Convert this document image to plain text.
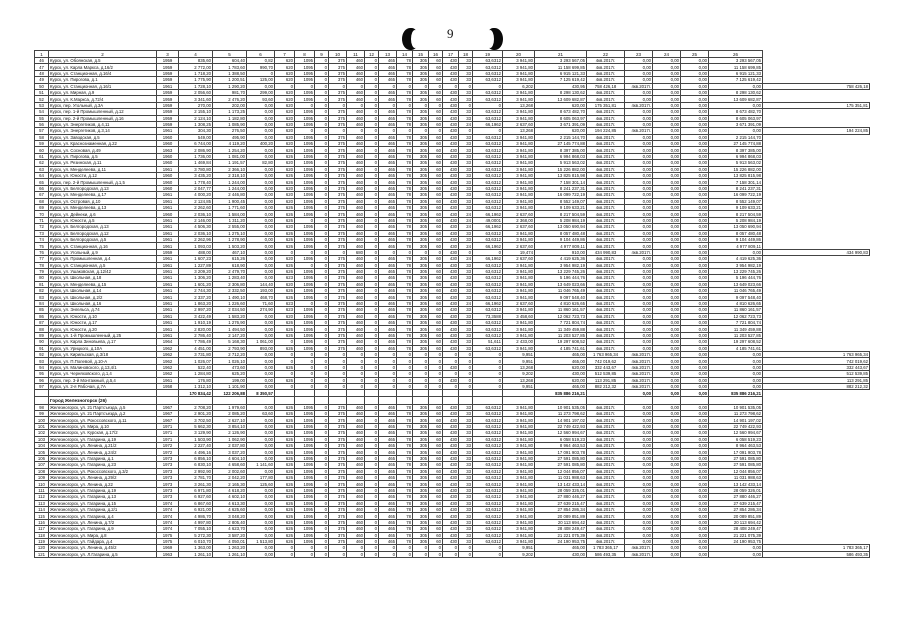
9
1	2	3	4	5	6	7	8	9	10	11	12	13	14	15	16	17	18	19	20	21	22	23	24	25	26	
46	Курск, ул. Обоянская, д.5	1959	835,60	604,40	0,82	620	1095	0	375	460	0	465	78	305	60	430	33	63,6312	3 941,80	3 293 567,05	4кв.2017г.	0,00	0,00	0,00	3 293 567,05	
47	Курск, ул. Карла Маркса, д.16/2	1959	2 772,00	1 783,60	990,70	620	1095	0	375	460	0	465	78	305	60	430	33	63,6312	3 941,80	11 158 699,85	4кв.2017г.	0,00	0,00	0,00	11 158 699,85	
48	Курск, ул. Станционная, д.16/4	1959	1 718,20	1 388,50	0	620	1095	0	375	460	0	465	78	305	60	430	33	63,6312	3 941,80	6 915 121,33	4кв.2017г.	0,00	0,00	0,00	6 915 121,33	
49	Курск, ул. Пирогова, д.1	1959	1 775,90	1 200,51	125,00	620	1095	0	375	460	0	465	78	305	60	430	33	63,6312	3 941,80	7 125 619,42	4кв.2017г.	0,00	0,00	0,00	7 125 619,42	
50	Курск, ул. Станционная, д.16/1	1961	1 728,10	1 290,20	0,00	0	0	0	0	0	0	0	0	0	0	0	0	0	6,202	430,95	758 426,18	4кв.2017г.	0,00	0,00	0,00	758 426,18
51	Курск, ул. Мирная, д.9	1959	2 056,60	981,70	299,00	620	1095	0	375	460	0	465	78	305	60	430	33	63,6312	3 941,80	8 298 130,62	4кв.2017г.	0,00	0,00	0,00	8 298 130,62	
52	Курск, ул. К.Маркса, д.72/4	1959	3 341,60	2 476,20	93,60	620	1095	0	375	460	0	465	78	305	60	430	33	63,6312	3 941,80	13 609 682,87	4кв.2017г.	0,00	0,00	0,00	13 609 682,87	
53	Курск, пер. Угольный, д.3А	1959	270,00	202,00	0,00	620	0	0	0	0	0	0	0	0	0	430	0	0	13,268	620,00	175 351,81	4кв.2017г.	0,00	0,00	0,00	175 351,81
54	Курск, пер. 1-й Промышленный, д.12	1959	2 155,10	1 173,25	0,00	620	1095	0	375	460	0	465	78	305	60	430	33	63,6312	3 941,80	8 673 482,70	4кв.2017г.	0,00	0,00	0,00	8 673 482,70	
55	Курск, пер. 2-й Промышленный, д.16	1959	2 124,10	1 182,80	0,00	620	1095	0	375	460	0	465	78	305	60	430	33	63,6312	3 941,80	8 605 063,97	4кв.2017г.	0,00	0,00	0,00	8 605 063,97	
56	Курск, ул. Энергетиков, д.4,11	1959	1 308,25	1 085,90	0,00	620	1095	0	375	460	0	465	78	305	60	430	24	66,1962	2 637,60	3 671 391,09	4кв.2017г.	0,00	0,00	0,00	3 671 391,09	
57	Курск, ул. Энергетиков, д.3,14	1961	304,30	276,50	0,00	620	0	0	0	0	0	0	0	0	0	430	0	0	13,268	620,00	194 224,85	4кв.2017г.	0,00	0,00	0,00	194 224,85
58	Курск, ул. Заводская, д.5	1960	549,00	495,90	0,00	620	1095	0	375	460	0	465	78	305	60	430	33	63,6312	3 941,80	2 215 144,70	4кв.2017г.	0,00	0,00	0,00	2 215 144,70	
59	Курск, ул. Краснознаменная, д.22	1960	6 744,00	4 119,20	400,20	620	1095	0	375	460	0	465	78	305	60	430	33	63,6312	3 941,80	27 145 774,88	4кв.2017г.	0,00	0,00	0,00	27 145 774,88	
60	Курск, ул. Сосновая, д.49	1963	2 086,90	1 254,20	0,00	626	1095	0	375	460	0	465	78	305	60	430	33	63,6312	3 941,80	8 397 385,00	4кв.2017г.	0,00	0,00	0,00	8 397 385,00	
61	Курск, ул. Пирогова, д.5	1960	1 736,00	1 081,00	0,00	626	1095	0	375	460	0	465	78	305	60	430	33	63,6312	3 941,80	6 994 868,03	4кв.2017г.	0,00	0,00	0,00	6 994 868,03	
62	Курск, ул. Резинская, д.11	1960	1 469,84	1 191,57	82,80	620	1095	0	375	460	0	465	78	305	60	430	33	63,6312	3 941,80	5 913 563,02	4кв.2017г.	0,00	0,00	0,00	5 913 563,02	
63	Курск, ул. Менделеева, д.11	1961	3 780,80	2 366,10	0,00	620	1095	0	375	460	0	465	78	305	60	430	33	63,6312	3 941,80	15 226 882,00	4кв.2017г.	0,00	0,00	0,00	15 226 882,00	
64	Курск, ул. Юности, д.12	1960	3 435,20	2 318,10	0,00	626	1095	0	375	460	0	465	78	305	60	430	33	63,6312	3 941,80	13 825 815,98	4кв.2017г.	0,00	0,00	0,00	13 825 815,98	
65	Курск, пер. 2-й Промышленный, д.1,5	1960	1 778,40	1 244,00	0,00	626	1095	0	375	460	0	465	78	305	60	430	33	63,6312	3 941,80	7 158 301,14	4кв.2017г.	0,00	0,00	0,00	7 158 301,14	
66	Курск, ул. Белгородская, д.13	1960	2 047,77	1 244,00	0,00	620	1095	0	375	460	0	465	78	305	60	430	33	63,6312	3 941,80	8 241 237,31	4кв.2017г.	0,00	0,00	0,00	8 241 237,31	
67	Курск, ул. Менделеева, д.17	1961	4 000,20	2 446,80	0,00	620	1095	0	375	460	0	465	78	305	60	430	33	63,6312	3 941,80	16 099 722,19	4кв.2017г.	0,00	0,00	0,00	16 099 722,19	
68	Курск, ул. Островая, д.10	1961	2 124,85	1 900,45	0,00	620	1095	0	375	460	0	465	78	305	60	430	33	63,6312	3 941,80	8 552 149,07	4кв.2017г.	0,00	0,00	0,00	8 552 149,07	
69	Курск, ул. Менделеева, д.13	1961	2 262,60	1 771,60	0,00	626	1095	0	375	460	0	465	78	305	60	430	33	63,6312	3 941,80	9 109 633,21	4кв.2017г.	0,00	0,00	0,00	9 109 633,21	
70	Курск, ул. Дейнеки, д.6	1960	2 036,10	1 584,00	0,00	626	1095	0	375	460	0	465	78	305	60	430	24	66,1962	2 637,60	8 217 504,59	4кв.2017г.	0,00	0,00	0,00	8 217 504,59	
71	Курск, ул. Юности, д.5	1961	2 146,00	1 311,20	0,00	626	0	0	375	460	0	465	78	305	60	430	24	49,0001	2 368,00	5 208 984,19	4кв.2017г.	0,00	0,00	0,00	5 208 984,19	
72	Курск, ул. Белгородская, д.13	1961	4 506,30	2 555,00	0,00	620	1095	0	375	460	0	465	78	305	60	430	24	66,1962	2 637,60	13 050 690,94	4кв.2017г.	0,00	0,00	0,00	13 050 690,94	
73	Курск, ул. Белгородская, д.12	1961	2 036,10	1 275,10	0,00	626	1095	0	375	460	0	465	78	305	60	430	33	63,6312	3 941,80	8 057 480,48	4кв.2017г.	0,00	0,00	0,00	8 057 480,48	
74	Курск, ул. Белгородская, д.5	1961	2 262,96	1 278,90	0,00	626	1095	0	375	460	0	465	78	305	60	430	33	63,6312	3 941,80	9 104 449,86	4кв.2017г.	0,00	0,00	0,00	9 104 449,86	
75	Курск, ул. Станционная, д.16	1961	1 093,03	1 503,20	0,00	626	1095	0	375	460	0	465	78	305	60	430	24	66,1962	2 637,60	4 977 809,11	4кв.2017г.	0,00	0,00	0,00	4 977 809,11	
76	Курск, ул. Угольный, д.9	1959	488,00	467,10	0,00	0	0	0	0	680	0	0	0	0	0	430	0	0	19,474	910,00	434 990,83	4кв.2017г.	0,00	0,00	0,00	434 990,83
77	Курск, ул. Промышленная, д.4	1961	1 607,23	615,26	0,00	620	1095	0	375	460	0	465	78	305	60	430	24	66,1962	2 637,60	4 419 625,36	4кв.2017г.	0,00	0,00	0,00	4 419 625,36	
78	Курск, ул. Станционная, д.5	1961	1 227,89	618,90	0,00	626	0	0	375	460	0	465	78	305	60	430	33	63,6312	3 941,80	3 954 982,19	4кв.2017г.	0,00	0,00	0,00	3 954 982,19	
79	Курск, ул. Ушаковская, д.12/42	1961	3 209,20	2 479,70	0,00	626	1095	0	375	460	0	465	78	305	60	430	33	63,6312	3 941,80	13 229 745,26	4кв.2017г.	0,00	0,00	0,00	13 229 745,26	
80	Курск, ул. Школьная, д.18	1961	1 306,20	1 283,40	0,00	623	1095	0	375	460	0	465	78	305	60	430	33	63,6312	3 941,80	5 196 444,76	4кв.2017г.	0,00	0,00	0,00	5 196 444,76	
81	Курск, ул. Менделеева, д.15	1961	1 601,20	2 306,80	144,40	620	1095	0	375	460	0	465	78	305	60	430	33	63,6312	3 941,80	13 649 023,66	4кв.2017г.	0,00	0,00	0,00	13 649 023,66	
82	Курск, ул. Школьная, д.14	1961	2 744,30	2 332,50	193,00	626	1095	0	375	460	0	465	78	305	60	430	33	63,6312	3 941,80	11 046 765,49	4кв.2017г.	0,00	0,00	0,00	11 046 765,49	
83	Курск, ул. Школьная, д.2/2	1961	2 337,20	1 490,10	468,70	626	1095	0	375	460	0	465	78	305	60	430	33	63,6312	3 941,80	9 097 548,40	4кв.2017г.	0,00	0,00	0,00	9 097 548,40	
84	Курск, ул. Школьная, д.16	1961	1 863,20	1 226,60	71,60	623	0	0	375	460	0	465	78	305	60	430	24	66,1962	2 637,60	4 810 626,65	4кв.2017г.	0,00	0,00	0,00	4 810 626,65	
85	Курск, ул. Энгельса, д.74	1961	2 997,20	2 034,50	274,90	623	1095	0	375	460	0	465	78	305	60	430	33	63,6312	3 941,80	11 860 161,57	4кв.2017г.	0,00	0,00	0,00	11 860 161,57	
86	Курск, ул. Юности, д.10	1961	3 422,49	1 583,20	0,00	620	1095	0	375	460	0	465	78	305	60	430	33	73,3588	3 458,60	12 062 723,73	4кв.2017г.	0,00	0,00	0,00	12 062 723,73	
87	Курск, ул. Юности, д.17	1961	1 910,19	1 276,90	0,00	626	1095	0	375	460	0	465	78	305	60	430	33	63,6312	3 941,80	7 721 804,74	4кв.2017г.	0,00	0,00	0,00	7 721 804,74	
88	Курск, ул. Юности, д.20	1961	2 820,00	1 494,50	0,00	626	1095	0	375	460	0	465	78	305	60	430	33	63,6312	3 941,80	11 349 459,88	4кв.2017г.	0,00	0,00	0,00	11 349 459,88	
89	Курск, ул. 1-й Промышленный, д.25	1961	2 786,40	2 147,20	0,00	626	1095	0	375	460	0	465	78	305	60	430	33	63,6312	3 941,80	11 203 527,85	4кв.2017г.	0,00	0,00	0,00	11 203 527,85	
90	Курск, ул. Карла Зиновьева, д.17	1964	7 786,49	5 168,30	1 061,00	0	1095	0	375	460	0	465	78	305	60	430	33	51,611	2 433,00	19 297 608,52	4кв.2017г.	0,00	0,00	0,00	19 297 608,52	
91	Курск, ул. Урицкого, д.10А	1962	4 451,00	2 793,90	893,00	626	1095	0	375	460	0	465	78	305	60	430	33	63,6312	3 941,80	4 185 741,61	4кв.2017г.	0,00	0,00	0,00	4 185 741,61	
92	Курск, ул. Кирильская, д.3/18	1962	3 731,80	2 712,20	0,00	0	0	0	0	0	0	0	0	0	0	0	0	0	9,951	465,00	1 763 965,34	4кв.2017г.	0,00	0,00	0,00	1 763 965,34
93	Курск, ул. П.Полевой, д.10-А	1962	1 026,07	1 026,10	0,00	0	0	0	0	0	0	0	0	0	0	0	0	0	9,951	465,00	742 019,62	4кв.2017г.	0,00	0,00	0,00	742 019,62
94	Курск, ул. Малиновского, д.13,4/1	1962	522,40	473,60	0,00	626	0	0	0	0	0	0	0	0	0	430	0	0	13,268	620,00	332 443,67	4кв.2017г.	0,00	0,00	0,00	332 443,67
95	Курск, ул. Черняховского, д.1,4	1962	1 284,80	625,20	0,00	0	0	0	0	0	0	0	0	0	0	0	0	0	9,202	430,00	512 539,85	4кв.2017г.	0,00	0,00	0,00	512 539,85
96	Курск, пер. 3-й Монтажный, д.5,4	1961	176,80	199,00	0,00	626	0	0	0	0	0	0	0	0	0	430	0	0	13,268	620,00	113 291,85	4кв.2017г.	0,00	0,00	0,00	113 291,85
97	Курск, ул. 2-я Рабочая, д.7А	1958	1 312,10	1 101,90	0,00	0	0	0	0	0	0	0	0	0	0	0	0	0	9,951	465,00	882 212,32	4кв.2017г.	0,00	0,00	0,00	882 212,32
			170 834,42	122 206,88	8 350,57															835 886 216,21		0,00	0,00	0,00	835 886 216,21	
	Город Железногорск (26)																									
98	Железногорск, ул. 21 Партсъезда, д.5	1967	2 708,20	1 979,60	0,00	626	1095	0	375	460	0	465	78	305	60	430	33	63,6312	3 941,80	10 901 535,05	4кв.2017г.	0,00	0,00	0,00	10 901 535,05	
99	Железногорск, ул. 21 Партсъезда, д.2	1967	2 901,20	2 085,20	63,60	626	1095	0	375	460	0	465	78	305	60	430	33	63,6312	3 941,80	11 273 798,62	4кв.2017г.	0,00	0,00	0,00	11 273 798,62	
100	Железногорск, ул. Рокоссовского, д.11	1967	3 702,50	2 627,10	0,00	626	1095	0	375	460	0	465	78	305	60	430	33	63,6312	3 941,80	14 901 197,02	4кв.2017г.	0,00	0,00	0,00	14 901 197,02	
101	Железногорск, ул. Мира, д.10	1971	5 662,30	3 854,10	0,00	626	1095	0	375	460	0	465	78	305	60	430	33	63,6312	3 941,80	22 749 422,93	4кв.2017г.	0,00	0,00	0,00	22 749 422,93	
102	Железногорск, ул. Курская, д.17/2	1971	3 129,90	2 126,90	0,00	626	1095	0	375	460	0	465	78	305	60	430	33	63,6312	3 941,80	12 560 994,67	4кв.2017г.	0,00	0,00	0,00	12 560 994,67	
103	Железногорск, ул. Гагарина, д.19	1971	1 503,90	1 062,90	0,00	626	1095	0	375	460	0	465	78	305	60	430	33	63,6312	3 941,80	6 058 519,23	4кв.2017г.	0,00	0,00	0,00	6 058 519,23	
104	Железногорск, ул. Ленина, д.21/2	1972	2 227,40	2 037,80	0,00	626	1095	0	375	460	0	465	78	305	60	430	33	63,6312	3 941,80	8 964 463,53	4кв.2017г.	0,00	0,00	0,00	8 964 463,53	
105	Железногорск, ул. Ленина, д.24/2	1972	4 496,16	3 037,20	0,00	626	1095	0	375	460	0	465	78	305	60	430	33	63,6312	3 941,80	17 091 903,78	4кв.2017г.	0,00	0,00	0,00	17 091 903,78	
106	Железногорск, ул. Гагарина, д.1	1973	6 856,10	4 604,10	0,00	626	1095	0	375	460	0	465	78	305	60	430	33	63,6312	3 941,80	27 591 085,80	4кв.2017г.	0,00	0,00	0,00	27 591 085,80	
107	Железногорск, ул. Гагарина, д.23	1973	6 830,10	4 658,60	1 141,60	626	1095	0	375	460	0	465	78	305	60	430	33	63,6312	3 941,80	27 591 085,80	4кв.2017г.	0,00	0,00	0,00	27 591 085,80	
108	Железногорск, ул. Рокоссовского, д.3/2	1973	2 992,90	2 002,60	0,00	626	1095	0	375	460	0	465	78	305	60	430	33	63,6312	3 941,80	12 044 856,07	4кв.2017г.	0,00	0,00	0,00	12 044 856,07	
109	Железногорск, ул. Ленина, д.29/2	1973	2 781,70	2 042,20	177,80	626	1095	0	375	460	0	465	78	305	60	430	33	63,6312	3 941,80	11 031 988,63	4кв.2017г.	0,00	0,00	0,00	11 031 988,63	
110	Железногорск, ул. Ленина, д.22	1973	3 261,30	2 165,30	125,60	626	1095	0	375	460	0	465	78	305	60	430	33	63,6312	3 941,80	13 142 433,14	4кв.2017г.	0,00	0,00	0,00	13 142 433,14	
111	Железногорск, ул. Гагарина, д.19	1973	6 971,80	4 618,20	0,00	626	1095	0	375	460	0	465	78	305	60	430	33	63,6312	3 941,80	28 059 326,01	4кв.2017г.	0,00	0,00	0,00	28 059 326,01	
112	Железногорск, ул. Гагарина, д.13	1973	6 927,60	4 602,10	0,00	626	1095	0	375	460	0	465	78	305	60	430	33	63,6312	3 941,80	27 880 446,27	4кв.2017г.	0,00	0,00	0,00	27 880 446,27	
113	Железногорск, ул. Гагарина, д.15	1974	6 867,60	4 613,30	0,00	626	1095	0	375	460	0	465	78	305	60	430	33	63,6312	3 941,80	27 639 215,47	4кв.2017г.	0,00	0,00	0,00	27 639 215,47	
114	Железногорск, ул. Гагарина, д.2/1	1974	6 921,00	4 625,60	0,00	626	1095	0	375	460	0	465	78	305	60	430	33	63,6312	3 941,80	27 854 286,34	4кв.2017г.	0,00	0,00	0,00	27 854 286,34	
115	Железногорск, ул. Гагарина, д.4	1974	4 986,70	3 048,20	0,00	626	1095	0	375	460	0	465	78	305	60	430	33	63,6312	3 941,80	20 089 851,89	4кв.2017г.	0,00	0,00	0,00	20 089 851,89	
116	Железногорск, ул. Ленина, д.7/2	1974	4 997,80	2 805,40	0,00	626	1095	0	375	460	0	465	78	305	60	430	33	63,6312	3 941,80	20 113 694,42	4кв.2017г.	0,00	0,00	0,00	20 113 694,42	
117	Железногорск, ул. Гагарина, д.9	1974	7 055,10	4 623,70	0,00	626	1095	0	375	460	0	465	78	305	60	430	33	63,6312	3 941,80	28 408 249,47	4кв.2017г.	0,00	0,00	0,00	28 408 249,47	
118	Железногорск, ул. Мира, д.8	1975	5 272,30	3 587,20	0,00	626	1095	0	375	460	0	465	78	305	60	430	33	63,6312	3 941,80	21 221 075,39	4кв.2017г.	0,00	0,00	0,00	21 221 075,39	
119	Железногорск, ул. Гайдара, д.4	1975	6 010,70	4 050,01	1 513,80	626	1095	0	375	460	0	465	78	305	60	430	33	63,6312	3 941,80	24 190 953,75	4кв.2017г.	0,00	0,00	0,00	24 190 953,75	
120	Железногорск, ул. Ленина, д.45/2	1969	1 363,00	1 263,20	0,00	0	0	0	0	0	0	0	0	0	0	0	0	0	9,951	465,00	1 783 365,17	4кв.2017г.	0,00	0,00	0,00	1 783 365,17
121	Железногорск, ул. Л.Гагарина, д.5	1963	1 261,10	1 261,10	0,00	0	0	0	0	0	0	0	0	0	0	0	0	0	9,202	430,00	586 493,35	4кв.2017г.	0,00	0,00	0,00	586 493,35
